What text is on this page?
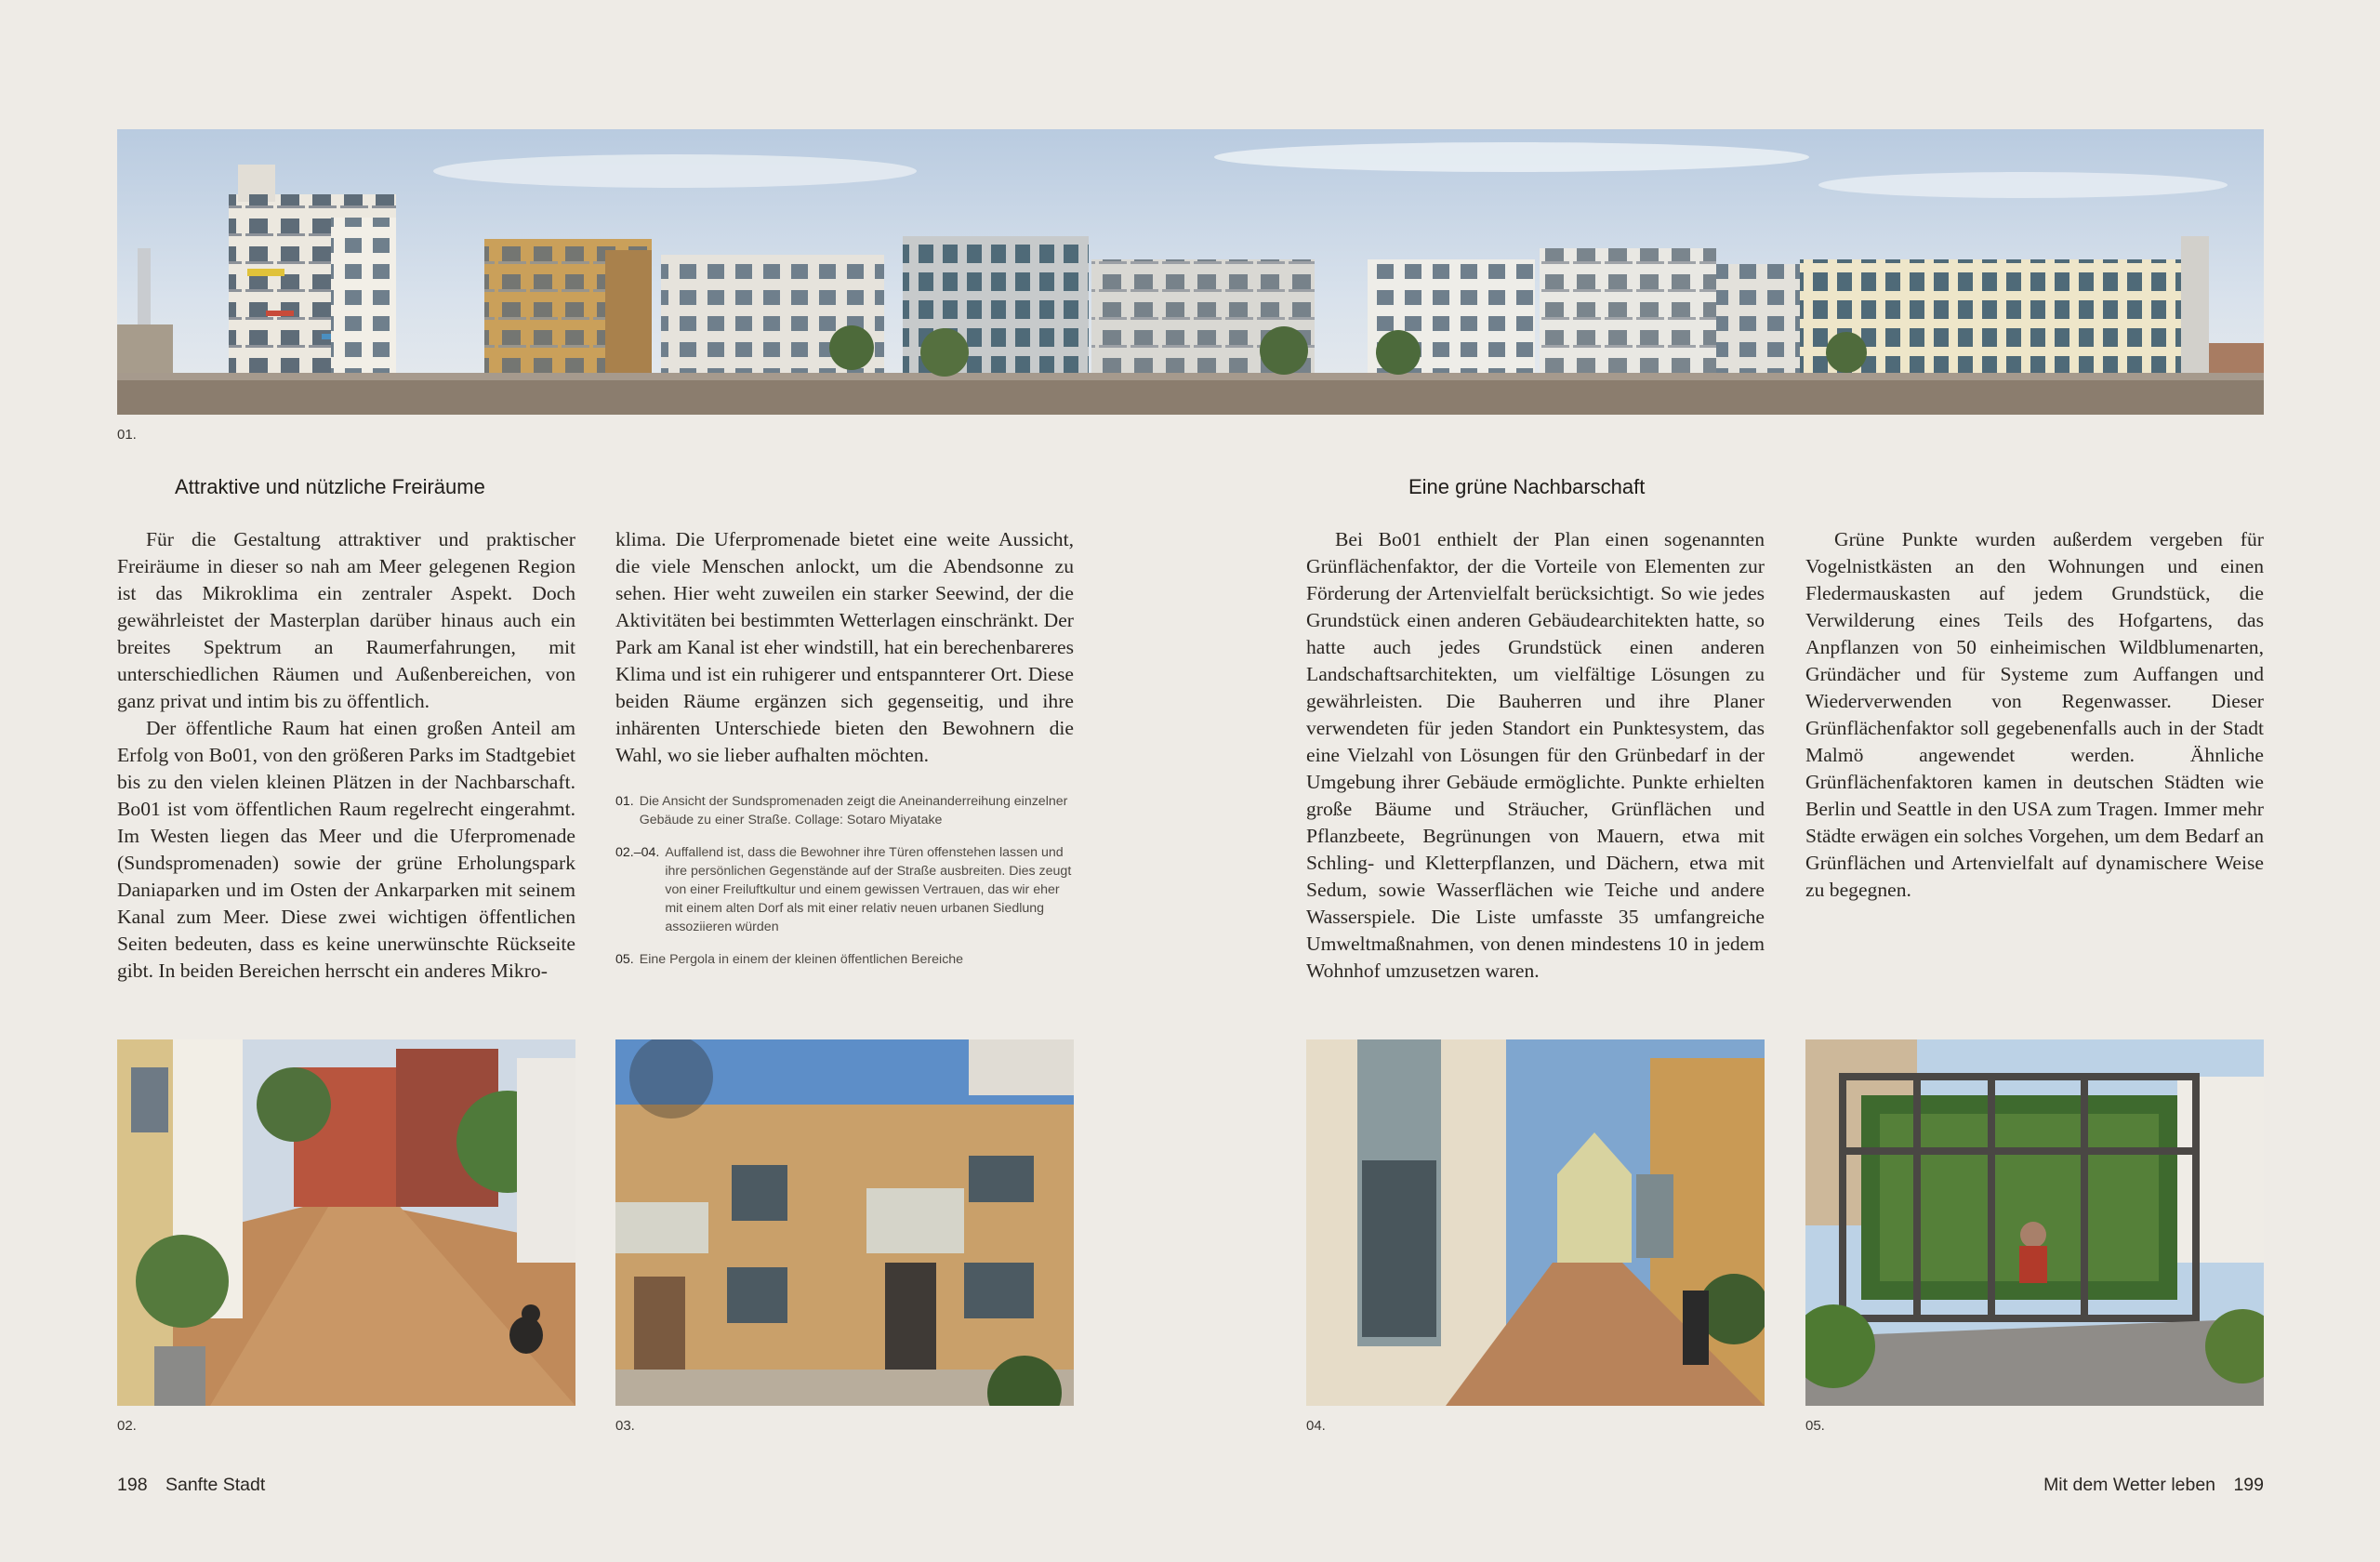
01.
Attraktive und nützliche Freiräume	Eine grüne Nachbarschaft

Für die Gestaltung attraktiver und praktischer Freiräume in dieser so nah am Meer gelegenen Region ist das Mikroklima ein zentraler Aspekt. Doch gewährleistet der Masterplan darüber hinaus auch ein breites Spektrum an Raumerfahrungen, mit unterschiedlichen Räumen und Außenbereichen, von ganz privat und intim bis zu öffentlich.

Der öffentliche Raum hat einen großen Anteil am Erfolg von Bo01, von den größeren Parks im Stadtgebiet bis zu den vielen kleinen Plätzen in der Nachbarschaft. Bo01 ist vom öffentlichen Raum regelrecht eingerahmt. Im Westen liegen das Meer und die Uferpromenade (Sundspromenaden) sowie der grüne Erholungspark Daniaparken und im Osten der Ankarparken mit seinem Kanal zum Meer. Diese zwei wichtigen öffentlichen Seiten bedeuten, dass es keine unerwünschte Rückseite gibt. In beiden Bereichen herrscht ein anderes Mikro-

klima. Die Uferpromenade bietet eine weite Aussicht, die viele Menschen anlockt, um die Abendsonne zu sehen. Hier weht zuweilen ein starker Seewind, der die Aktivitäten bei bestimmten Wetterlagen einschränkt. Der Park am Kanal ist eher windstill, hat ein berechenbareres Klima und ist ein ruhigerer und entspannterer Ort. Diese beiden Räume ergänzen sich gegenseitig, und ihre inhärenten Unterschiede bieten den Bewohnern die Wahl, wo sie lieber aufhalten möchten.

Bei Bo01 enthielt der Plan einen sogenannten Grünflächenfaktor, der die Vorteile von Elementen zur Förderung der Artenvielfalt berücksichtigt. So wie jedes Grundstück einen anderen Gebäudearchitekten hatte, so hatte auch jedes Grundstück einen anderen Landschaftsarchitekten, um vielfältige Lösungen zu gewährleisten. Die Bauherren und ihre Planer verwendeten für jeden Standort ein Punktesystem, das eine Vielzahl von Lösungen für den Grünbedarf in der Umgebung ihrer Gebäude ermöglichte. Punkte erhielten große Bäume und Sträucher, Grünflächen und Pflanzbeete, Begrünungen von Mauern, etwa mit Schling- und Kletterpflanzen, und Dächern, etwa mit Sedum, sowie Wasserflächen wie Teiche und andere Wasserspiele. Die Liste umfasste 35 umfangreiche Umweltmaßnahmen, von denen mindestens 10 in jedem Wohnhof umzusetzen waren.

Grüne Punkte wurden außerdem vergeben für Vogelnistkästen an den Wohnungen und einen Fledermauskasten auf jedem Grundstück, die Verwilderung eines Teils des Hofgartens, das Anpflanzen von 50 einheimischen Wildblumenarten, Gründächer und für Systeme zum Auffangen und Wiederverwenden von Regenwasser. Dieser Grünflächenfaktor soll gegebenenfalls auch in der Stadt Malmö angewendet werden. Ähnliche Grünflächenfaktoren kamen in deutschen Städten wie Berlin und Seattle in den USA zum Tragen. Immer mehr Städte erwägen ein solches Vorgehen, um dem Bedarf an Grünflächen und Artenvielfalt auf dynamischere Weise zu begegnen.

01. Die Ansicht der Sundspromenaden zeigt die Aneinanderreihung einzelner Gebäude zu einer Straße. Collage: Sotaro Miyatake
02.–04. Auffallend ist, dass die Bewohner ihre Türen offenstehen lassen und ihre persönlichen Gegenstände auf der Straße ausbreiten. Dies zeugt von einer Freiluftkultur und einem gewissen Vertrauen, das wir eher mit einem alten Dorf als mit einer relativ neuen urbanen Siedlung assoziieren würden
05. Eine Pergola in einem der kleinen öffentlichen Bereiche
02.	03.	04.	05.
198 Sanfte Stadt	Mit dem Wetter leben 199
